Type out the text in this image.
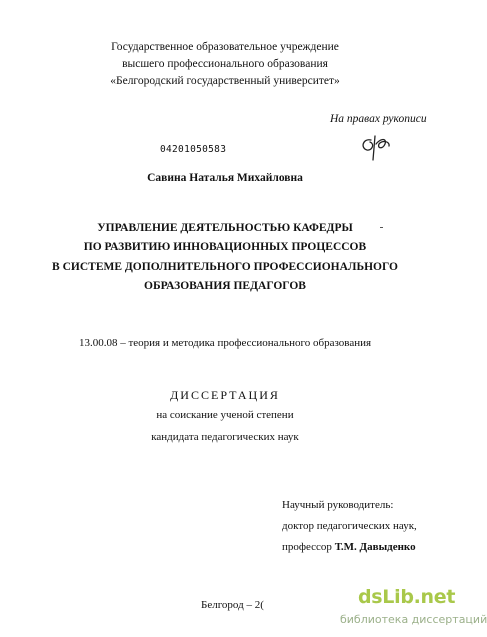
Государственное образовательное учреждение
высшего профессионального образования
«Белгородский государственный университет»
На правах рукописи
04201050583
Савина Наталья Михайловна
УПРАВЛЕНИЕ ДЕЯТЕЛЬНОСТЬЮ КАФЕДРЫ
ПО РАЗВИТИЮ ИННОВАЦИОННЫХ ПРОЦЕССОВ
В СИСТЕМЕ ДОПОЛНИТЕЛЬНОГО ПРОФЕССИОНАЛЬНОГО
ОБРАЗОВАНИЯ ПЕДАГОГОВ
13.00.08 – теория и методика профессионального образования
ДИССЕРТАЦИЯ
на соискание ученой степени
кандидата педагогических наук
Научный руководитель:
доктор педагогических наук,
профессор Т.М. Давыденко
Белгород – 2(	dsLib.net
библиотека диссертаций
